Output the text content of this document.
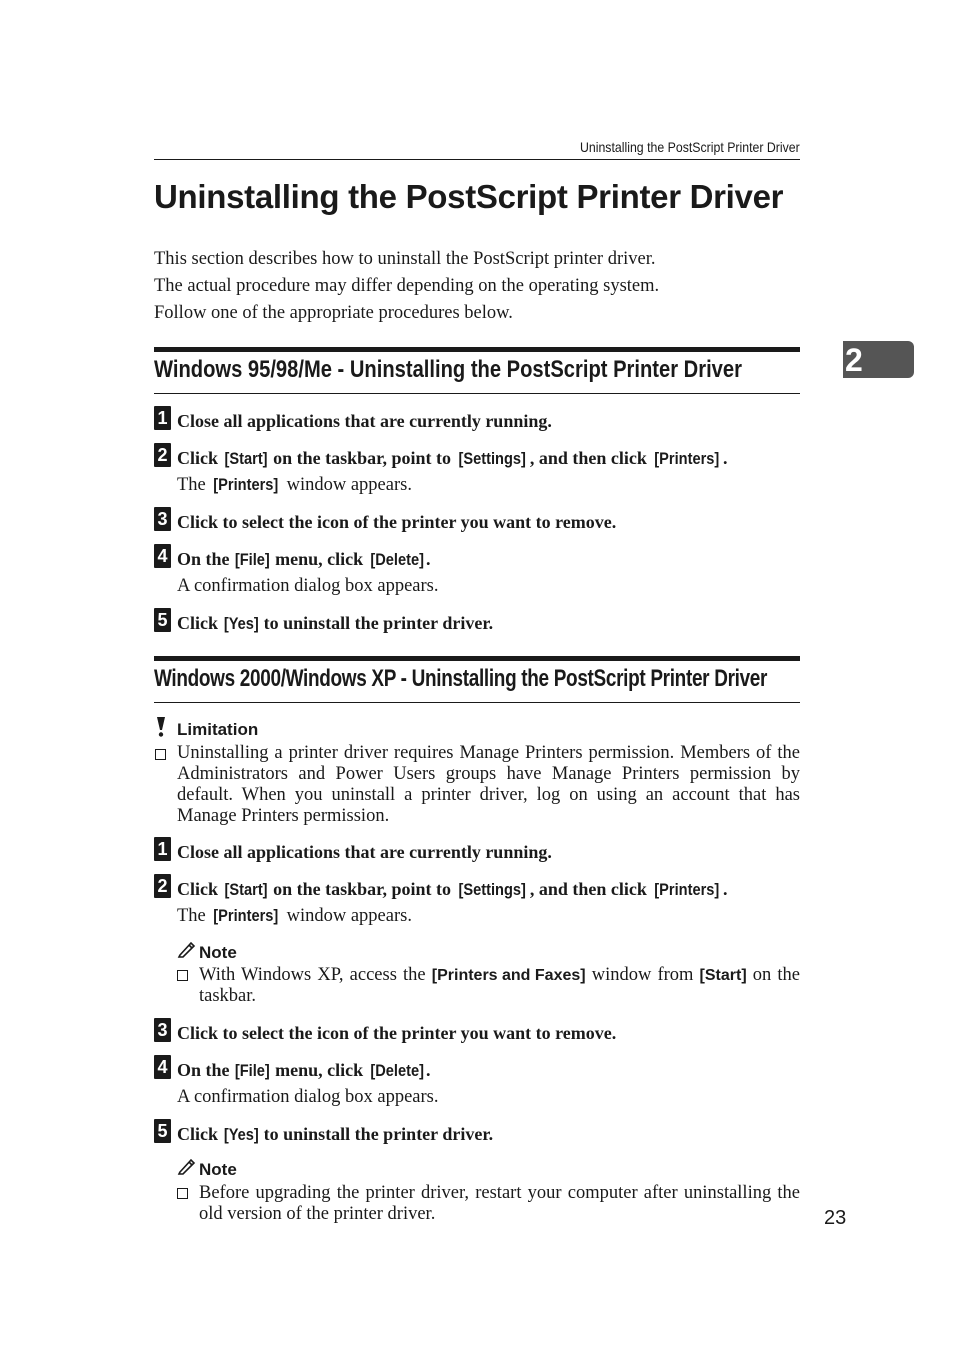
Uninstalling the PostScript Printer Driver
Uninstalling the PostScript Printer Driver
This section describes how to uninstall the PostScript printer driver.
The actual procedure may differ depending on the operating system.
Follow one of the appropriate procedures below.
2
Windows 95/98/Me - Uninstalling the PostScript Printer Driver
1 Close all applications that are currently running.
2 Click [Start] on the taskbar, point to [Settings] , and then click [Printers] .
The [Printers] window appears.
3 Click to select the icon of the printer you want to remove.
4 On the [File] menu, click [Delete] .
A confirmation dialog box appears.
5 Click [Yes] to uninstall the printer driver.
Windows 2000/Windows XP - Uninstalling the PostScript Printer Driver
Limitation
Uninstalling a printer driver requires Manage Printers permission. Members of the Administrators and Power Users groups have Manage Printers permission by default. When you uninstall a printer driver, log on using an account that has Manage Printers permission.
1 Close all applications that are currently running.
2 Click [Start] on the taskbar, point to [Settings] , and then click [Printers] .
The [Printers] window appears.
Note
With Windows XP, access the [Printers and Faxes] window from [Start] on the taskbar.
3 Click to select the icon of the printer you want to remove.
4 On the [File] menu, click [Delete] .
A confirmation dialog box appears.
5 Click [Yes] to uninstall the printer driver.
Note
Before upgrading the printer driver, restart your computer after uninstalling the old version of the printer driver.	23
